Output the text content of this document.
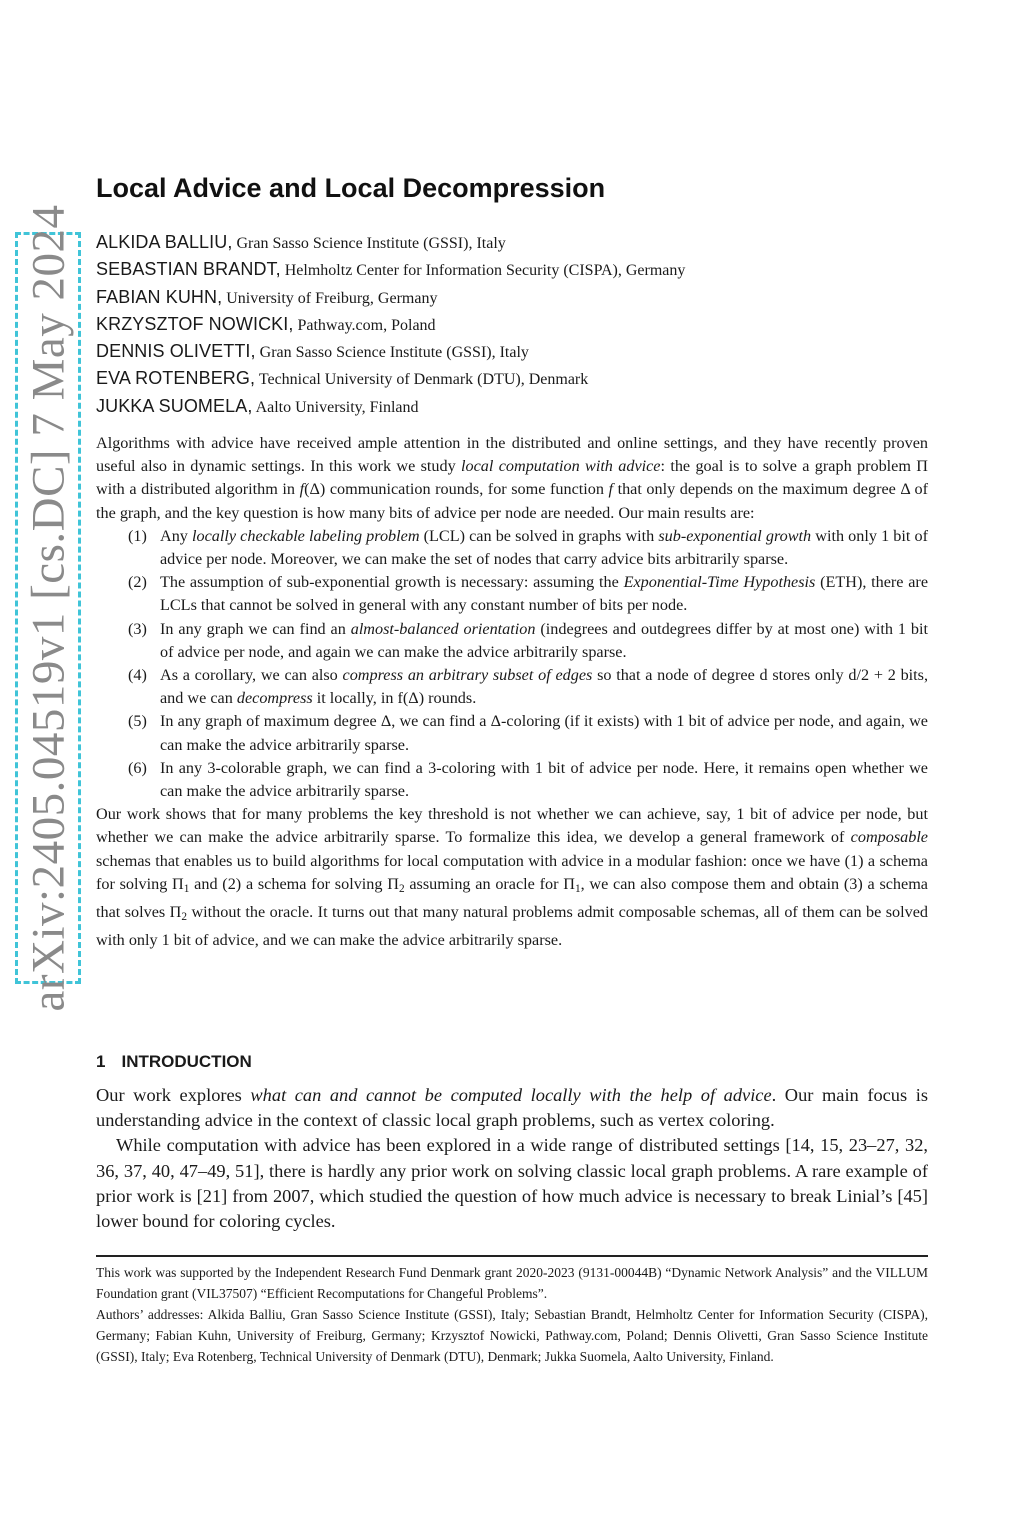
arXiv:2405.04519v1 [cs.DC] 7 May 2024
Local Advice and Local Decompression
ALKIDA BALLIU, Gran Sasso Science Institute (GSSI), Italy
SEBASTIAN BRANDT, Helmholtz Center for Information Security (CISPA), Germany
FABIAN KUHN, University of Freiburg, Germany
KRZYSZTOF NOWICKI, Pathway.com, Poland
DENNIS OLIVETTI, Gran Sasso Science Institute (GSSI), Italy
EVA ROTENBERG, Technical University of Denmark (DTU), Denmark
JUKKA SUOMELA, Aalto University, Finland

Algorithms with advice have received ample attention in the distributed and online settings, and they have recently proven useful also in dynamic settings. In this work we study local computation with advice: the goal is to solve a graph problem Π with a distributed algorithm in f(Δ) communication rounds, for some function f that only depends on the maximum degree Δ of the graph, and the key question is how many bits of advice per node are needed. Our main results are:

(1) Any locally checkable labeling problem (LCL) can be solved in graphs with sub-exponential growth with only 1 bit of advice per node. Moreover, we can make the set of nodes that carry advice bits arbitrarily sparse.
(2) The assumption of sub-exponential growth is necessary: assuming the Exponential-Time Hypothesis (ETH), there are LCLs that cannot be solved in general with any constant number of bits per node.
(3) In any graph we can find an almost-balanced orientation (indegrees and outdegrees differ by at most one) with 1 bit of advice per node, and again we can make the advice arbitrarily sparse.
(4) As a corollary, we can also compress an arbitrary subset of edges so that a node of degree d stores only d/2 + 2 bits, and we can decompress it locally, in f(Δ) rounds.
(5) In any graph of maximum degree Δ, we can find a Δ-coloring (if it exists) with 1 bit of advice per node, and again, we can make the advice arbitrarily sparse.
(6) In any 3-colorable graph, we can find a 3-coloring with 1 bit of advice per node. Here, it remains open whether we can make the advice arbitrarily sparse.

Our work shows that for many problems the key threshold is not whether we can achieve, say, 1 bit of advice per node, but whether we can make the advice arbitrarily sparse. To formalize this idea, we develop a general framework of composable schemas that enables us to build algorithms for local computation with advice in a modular fashion: once we have (1) a schema for solving $\Pi_1$ and (2) a schema for solving $\Pi_2$ assuming an oracle for $\Pi_1$, we can also compose them and obtain (3) a schema that solves $\Pi_2$ without the oracle. It turns out that many natural problems admit composable schemas, all of them can be solved with only 1 bit of advice, and we can make the advice arbitrarily sparse.

1 INTRODUCTION

Our work explores what can and cannot be computed locally with the help of advice. Our main focus is understanding advice in the context of classic local graph problems, such as vertex coloring.

While computation with advice has been explored in a wide range of distributed settings [14, 15, 23–27, 32, 36, 37, 40, 47–49, 51], there is hardly any prior work on solving classic local graph problems. A rare example of prior work is [21] from 2007, which studied the question of how much advice is necessary to break Linial’s [45] lower bound for coloring cycles.

This work was supported by the Independent Research Fund Denmark grant 2020-2023 (9131-00044B) “Dynamic Network Analysis” and the VILLUM Foundation grant (VIL37507) “Efficient Recomputations for Changeful Problems”.

Authors’ addresses: Alkida Balliu, Gran Sasso Science Institute (GSSI), Italy; Sebastian Brandt, Helmholtz Center for Information Security (CISPA), Germany; Fabian Kuhn, University of Freiburg, Germany; Krzysztof Nowicki, Pathway.com, Poland; Dennis Olivetti, Gran Sasso Science Institute (GSSI), Italy; Eva Rotenberg, Technical University of Denmark (DTU), Denmark; Jukka Suomela, Aalto University, Finland.
